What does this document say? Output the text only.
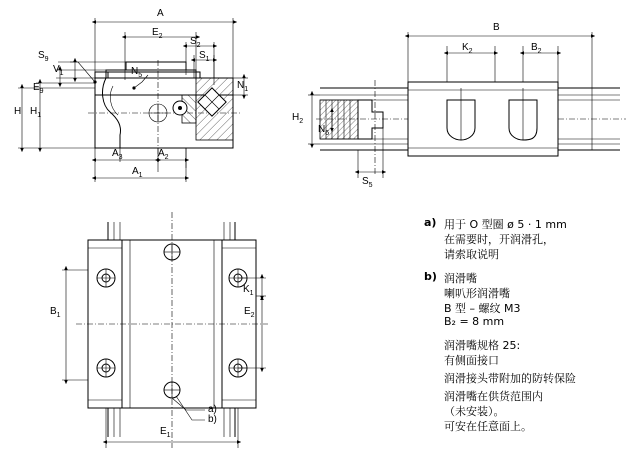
A
$E_2$	$S_2$
$S_1$
$S_9$
$N_5$
$N_1$
$V_1$
$E_9$
H $H_1$
$A_3$	$A_2$
$A_1$
B
$K_2$	$B_2$
$H_2$
$N_6$
$S_5$
$K_1$
$E_2$
$B_1$
$E_1$
a)
b)
a) 用于 O 型圈 ø 5 · 1 mm
在需要时，开润滑孔，
请索取说明
b) 润滑嘴
喇叭形润滑嘴
B 型 – 螺纹 M3
B₂ = 8 mm
润滑嘴规格 25:
有侧面接口
润滑接头带附加的防转保险
润滑嘴在供货范围内
（未安装）。
可安在任意面上。
